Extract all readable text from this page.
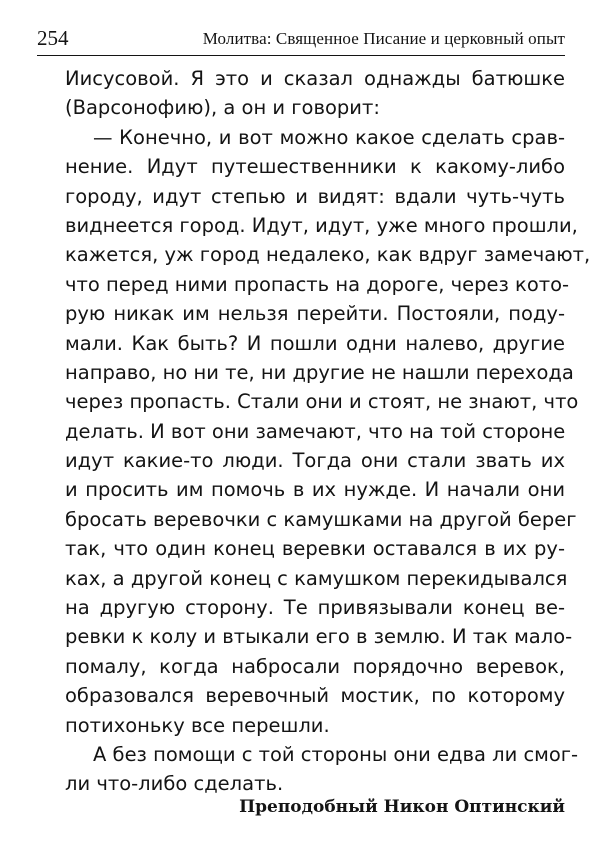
254	Молитва: Священное Писание и церковный опыт
Иисусовой. Я это и сказал однажды батюшке
(Варсонофию), а он и говорит:
— Конечно, и вот можно какое сделать срав-
нение. Идут путешественники к какому-либо
городу, идут степью и видят: вдали чуть-чуть
виднеется город. Идут, идут, уже много прошли,
кажется, уж город недалеко, как вдруг замечают,
что перед ними пропасть на дороге, через кото-
рую никак им нельзя перейти. Постояли, поду-
мали. Как быть? И пошли одни налево, другие
направо, но ни те, ни другие не нашли перехода
через пропасть. Стали они и стоят, не знают, что
делать. И вот они замечают, что на той стороне
идут какие-то люди. Тогда они стали звать их
и просить им помочь в их нужде. И начали они
бросать веревочки с камушками на другой берег
так, что один конец веревки оставался в их ру-
ках, а другой конец с камушком перекидывался
на другую сторону. Те привязывали конец ве-
ревки к колу и втыкали его в землю. И так мало-
помалу, когда набросали порядочно веревок,
образовался веревочный мостик, по которому
потихоньку все перешли.
А без помощи с той стороны они едва ли смог-
ли что-либо сделать.
Преподобный Никон Оптинский
